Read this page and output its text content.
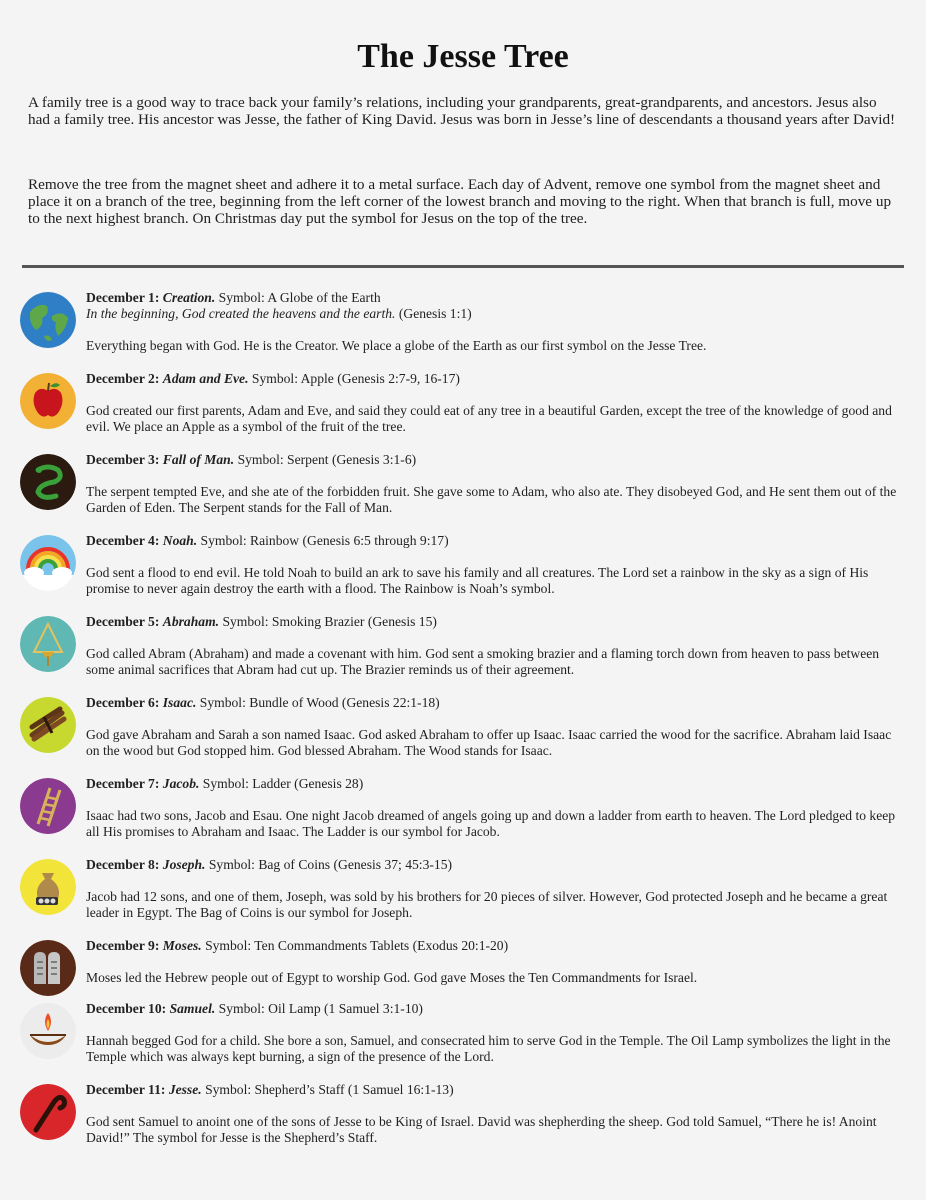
The Jesse Tree

A family tree is a good way to trace back your family’s relations, including your grandparents, great-grandparents, and ancestors. Jesus also had a family tree. His ancestor was Jesse, the father of King David. Jesus was born in Jesse’s line of descendants a thousand years after David!

Remove the tree from the magnet sheet and adhere it to a metal surface. Each day of Advent, remove one symbol from the magnet sheet and place it on a branch of the tree, beginning from the left corner of the lowest branch and moving to the right. When that branch is full, move up to the next highest branch. On Christmas day put the symbol for Jesus on the top of the tree.

December 1: Creation. Symbol: A Globe of the Earth

In the beginning, God created the heavens and the earth. (Genesis 1:1)

Everything began with God. He is the Creator. We place a globe of the Earth as our first symbol on the Jesse Tree.

December 2: Adam and Eve. Symbol: Apple (Genesis 2:7-9, 16-17)

God created our first parents, Adam and Eve, and said they could eat of any tree in a beautiful Garden, except the tree of the knowledge of good and evil. We place an Apple as a symbol of the fruit of the tree.

December 3: Fall of Man. Symbol: Serpent (Genesis 3:1-6)

The serpent tempted Eve, and she ate of the forbidden fruit. She gave some to Adam, who also ate. They disobeyed God, and He sent them out of the Garden of Eden. The Serpent stands for the Fall of Man.

December 4: Noah. Symbol: Rainbow (Genesis 6:5 through 9:17)

God sent a flood to end evil. He told Noah to build an ark to save his family and all creatures. The Lord set a rainbow in the sky as a sign of His promise to never again destroy the earth with a flood. The Rainbow is Noah’s symbol.

December 5: Abraham. Symbol: Smoking Brazier (Genesis 15)

God called Abram (Abraham) and made a covenant with him. God sent a smoking brazier and a flaming torch down from heaven to pass between some animal sacrifices that Abram had cut up. The Brazier reminds us of their agreement.

December 6: Isaac. Symbol: Bundle of Wood (Genesis 22:1-18)

God gave Abraham and Sarah a son named Isaac. God asked Abraham to offer up Isaac. Isaac carried the wood for the sacrifice. Abraham laid Isaac on the wood but God stopped him. God blessed Abraham. The Wood stands for Isaac.

December 7: Jacob. Symbol: Ladder (Genesis 28)

Isaac had two sons, Jacob and Esau. One night Jacob dreamed of angels going up and down a ladder from earth to heaven. The Lord pledged to keep all His promises to Abraham and Isaac. The Ladder is our symbol for Jacob.

December 8: Joseph. Symbol: Bag of Coins (Genesis 37; 45:3-15)

Jacob had 12 sons, and one of them, Joseph, was sold by his brothers for 20 pieces of silver. However, God protected Joseph and he became a great leader in Egypt. The Bag of Coins is our symbol for Joseph.

December 9: Moses. Symbol: Ten Commandments Tablets (Exodus 20:1-20)

Moses led the Hebrew people out of Egypt to worship God. God gave Moses the Ten Commandments for Israel.

December 10: Samuel. Symbol: Oil Lamp (1 Samuel 3:1-10)

Hannah begged God for a child. She bore a son, Samuel, and consecrated him to serve God in the Temple. The Oil Lamp symbolizes the light in the Temple which was always kept burning, a sign of the presence of the Lord.

December 11: Jesse. Symbol: Shepherd’s Staff (1 Samuel 16:1-13)

God sent Samuel to anoint one of the sons of Jesse to be King of Israel. David was shepherding the sheep. God told Samuel, “There he is! Anoint David!” The symbol for Jesse is the Shepherd’s Staff.
